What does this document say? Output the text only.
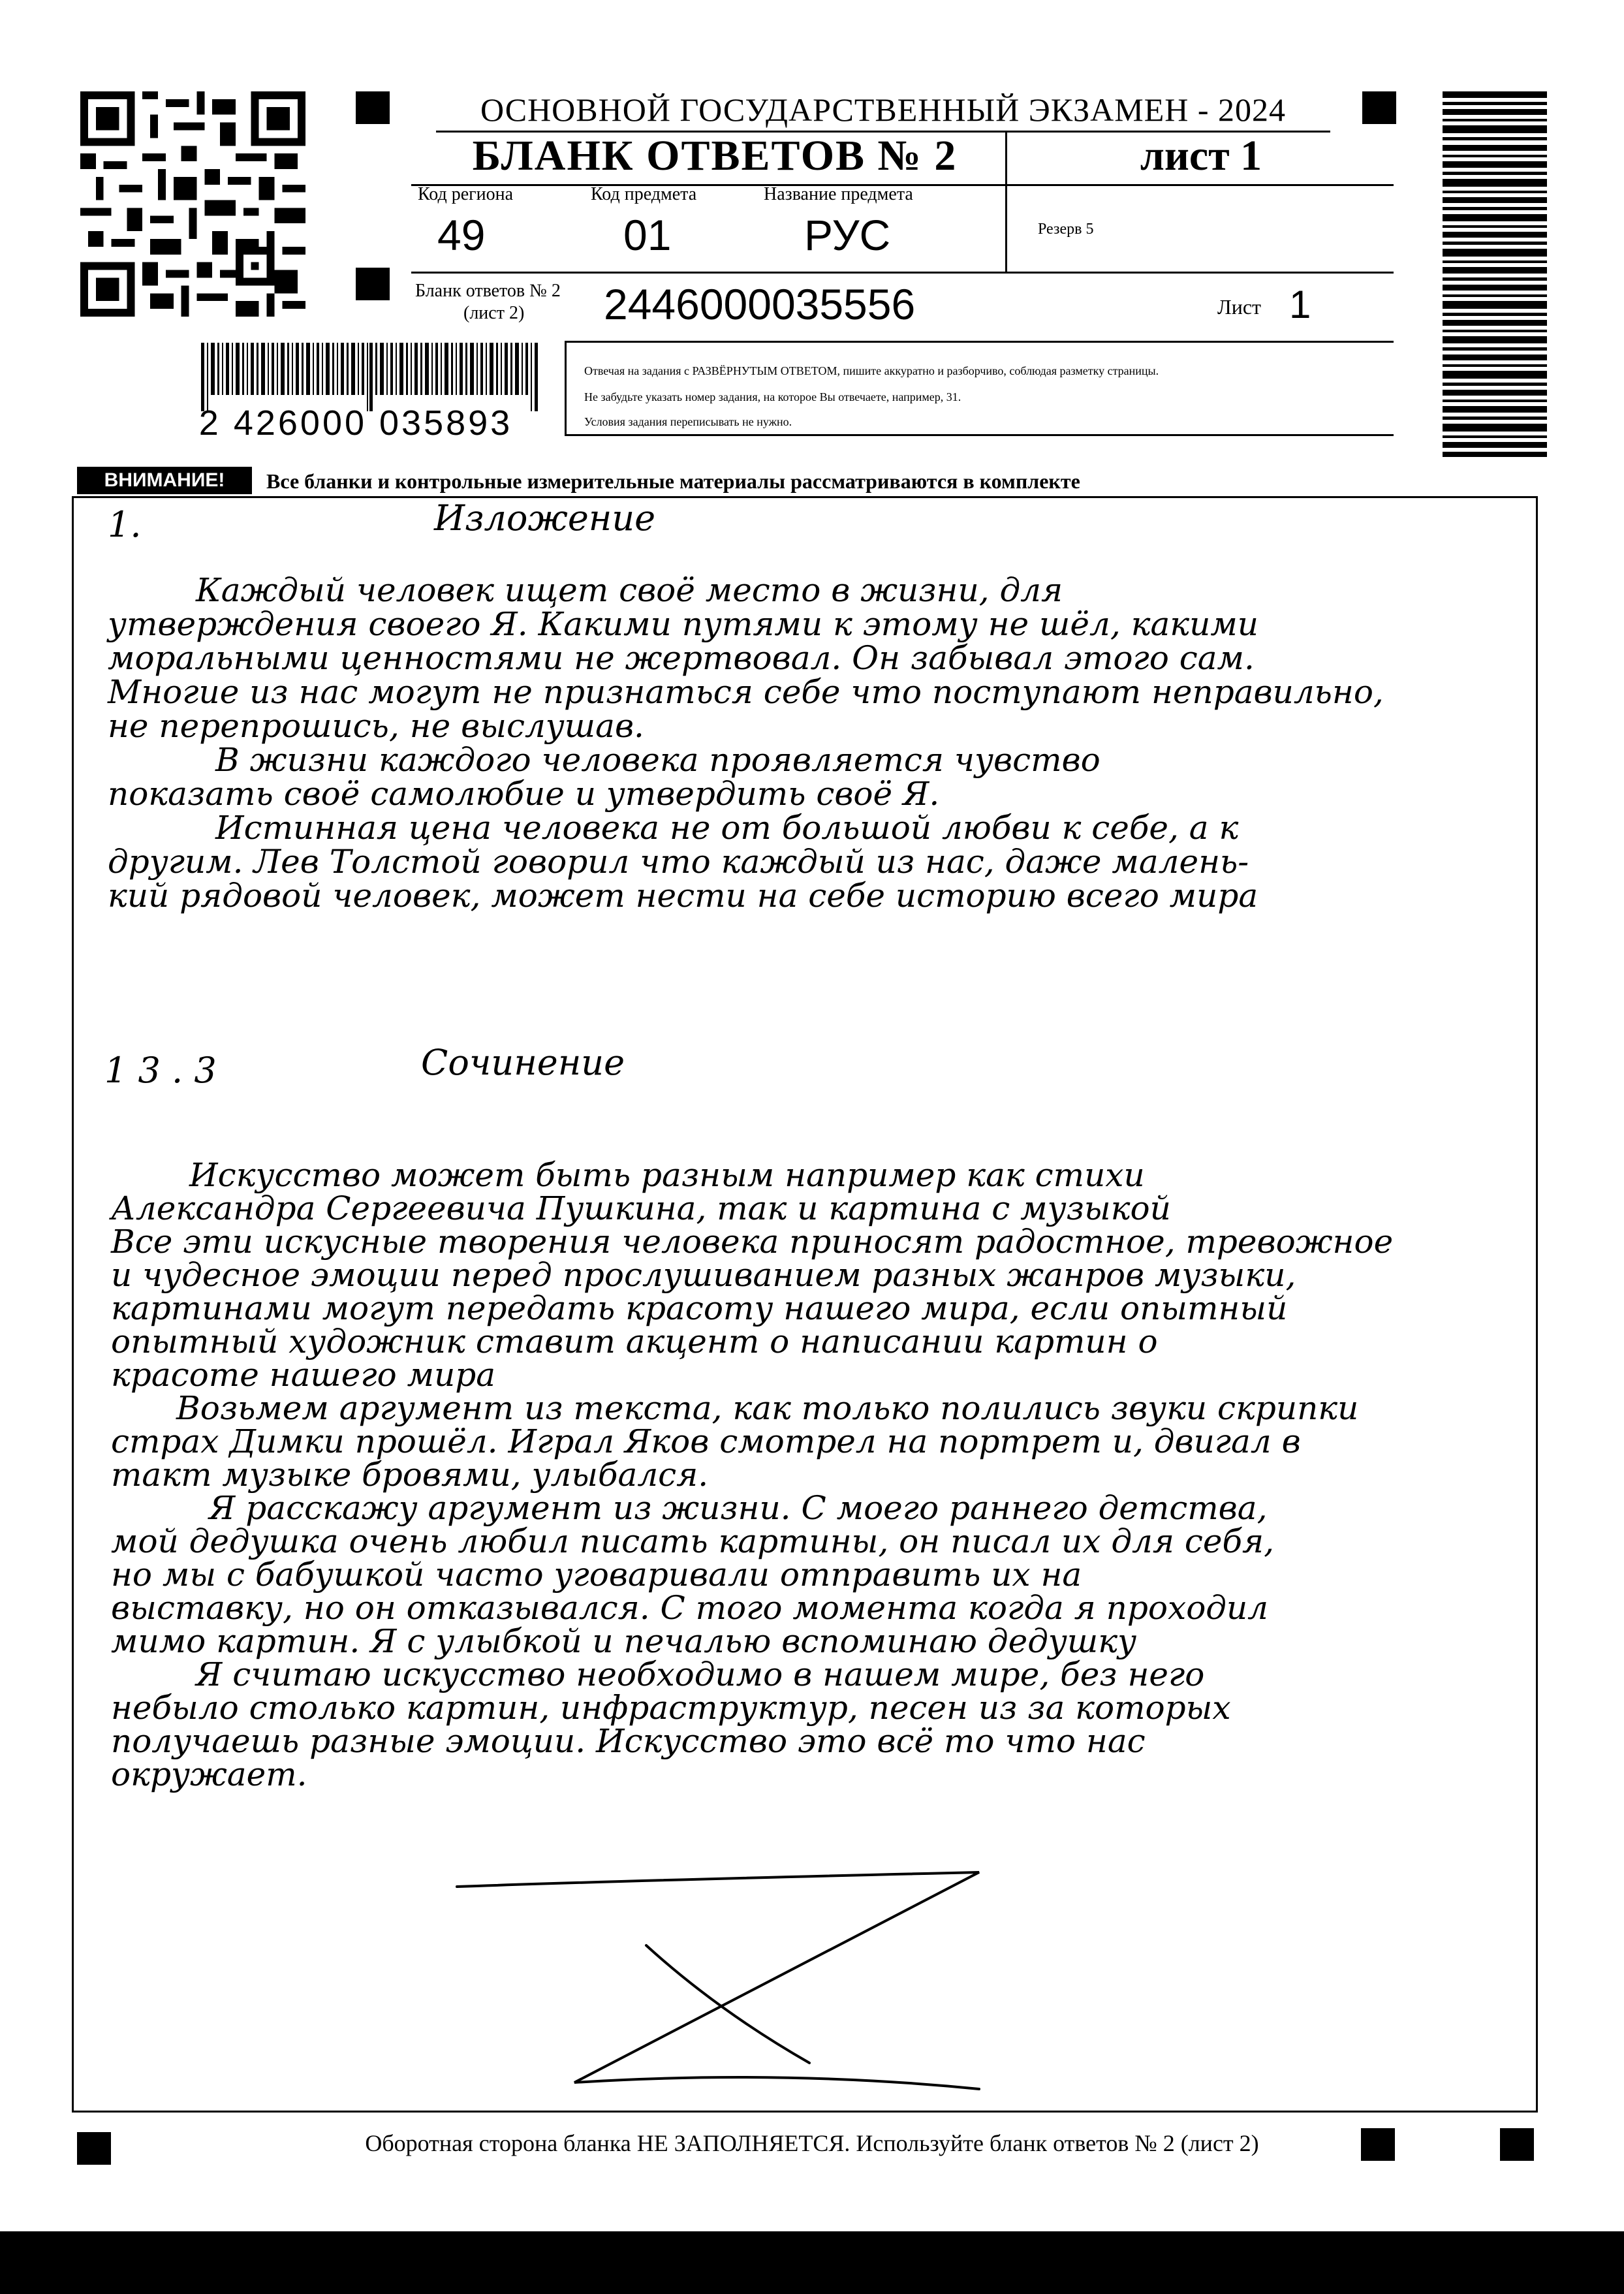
2 426000 035893
ОСНОВНОЙ ГОСУДАРСТВЕННЫЙ ЭКЗАМЕН - 2024
БЛАНК ОТВЕТОВ № 2	лист 1
Код региона
49
Код предмета
01
Название предмета
РУС	Резерв 5
Бланк ответов № 2
(лист 2) 2446000035556	Лист 1
Отвечая на задания с РАЗВЁРНУТЫМ ОТВЕТОМ, пишите аккуратно и разборчиво, соблюдая разметку страницы.
Не забудьте указать номер задания, на которое Вы отвечаете, например, 31.
Условия задания переписывать не нужно.
ВНИМАНИЕ!	Все бланки и контрольные измерительные материалы рассматриваются в комплекте
1.	Изложение
Каждый человек ищет своё место в жизни, для
утверждения своего Я. Какими путями к этому не шёл, какими
моральными ценностями не жертвовал. Он забывал этого сам.
Многие из нас могут не признаться себе что поступают неправильно,
не перепрошись, не выслушав.
В жизни каждого человека проявляется чувство
показать своё самолюбие и утвердить своё Я.
Истинная цена человека не от большой любви к себе, а к
другим. Лев Толстой говорил что каждый из нас, даже малень-
кий рядовой человек, может нести на себе историю всего мира
1 3 . 3	Сочинение
Искусство может быть разным например как стихи
Александра Сергеевича Пушкина, так и картина с музыкой
Все эти искусные творения человека приносят радостное, тревожное
и чудесное эмоции перед прослушиванием разных жанров музыки,
картинами могут передать красоту нашего мира, если опытный
опытный художник ставит акцент о написании картин о
красоте нашего мира
Возьмем аргумент из текста, как только полились звуки скрипки
страх Димки прошёл. Играл Яков смотрел на портрет и, двигал в
такт музыке бровями, улыбался.
Я расскажу аргумент из жизни. С моего раннего детства,
мой дедушка очень любил писать картины, он писал их для себя,
но мы с бабушкой часто уговаривали отправить их на
выставку, но он отказывался. С того момента когда я проходил
мимо картин. Я с улыбкой и печалью вспоминаю дедушку
Я считаю искусство необходимо в нашем мире, без него
небыло столько картин, инфраструктур, песен из за которых
получаешь разные эмоции. Искусство это всё то что нас
окружает.
Оборотная сторона бланка НЕ ЗАПОЛНЯЕТСЯ. Используйте бланк ответов № 2 (лист 2)
